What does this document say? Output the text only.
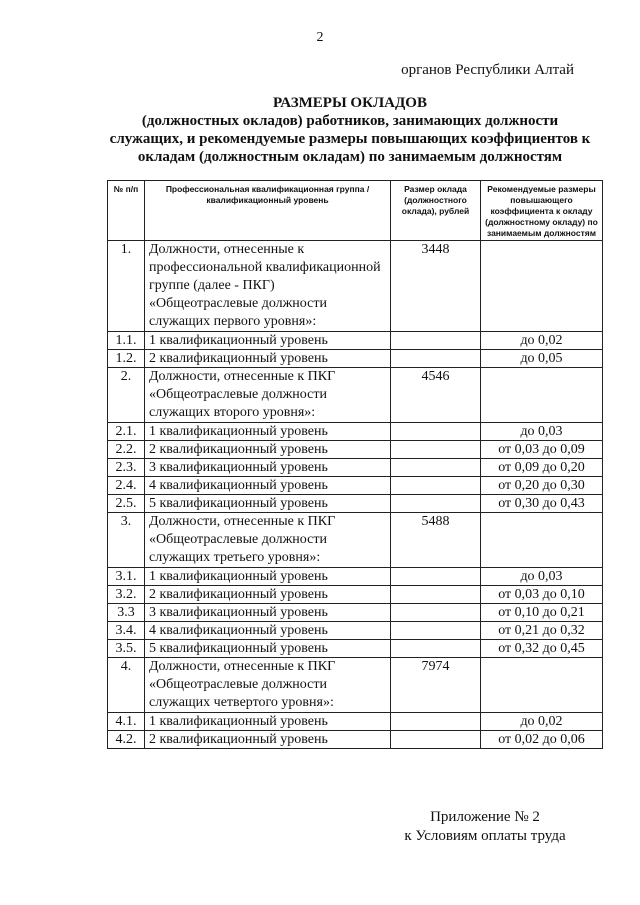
2
органов Республики Алтай
РАЗМЕРЫ ОКЛАДОВ
(должностных окладов) работников, занимающих должности
служащих, и рекомендуемые размеры повышающих коэффициентов к
окладам (должностным окладам) по занимаемым должностям
№ п/п	Профессиональная квалификационная группа / квалификационный уровень	Размер оклада (должностного оклада), рублей	Рекомендуемые размеры повышающего коэффициента к окладу (должностному окладу) по занимаемым должностям
1.	Должности, отнесенные к профессиональной квалификационной группе (далее - ПКГ) «Общеотраслевые должности служащих первого уровня»:	3448	
1.1.	1 квалификационный уровень		до 0,02
1.2.	2 квалификационный уровень		до 0,05
2.	Должности, отнесенные к ПКГ «Общеотраслевые должности служащих второго уровня»:	4546	
2.1.	1 квалификационный уровень		до 0,03
2.2.	2 квалификационный уровень		от 0,03 до 0,09
2.3.	3 квалификационный уровень		от 0,09 до 0,20
2.4.	4 квалификационный уровень		от 0,20 до 0,30
2.5.	5 квалификационный уровень		от 0,30 до 0,43
3.	Должности, отнесенные к ПКГ «Общеотраслевые должности служащих третьего уровня»:	5488	
3.1.	1 квалификационный уровень		до 0,03
3.2.	2 квалификационный уровень		от 0,03 до 0,10
3.3	3 квалификационный уровень		от 0,10 до 0,21
3.4.	4 квалификационный уровень		от 0,21 до 0,32
3.5.	5 квалификационный уровень		от 0,32 до 0,45
4.	Должности, отнесенные к ПКГ «Общеотраслевые должности служащих четвертого уровня»:	7974	
4.1.	1 квалификационный уровень		до 0,02
4.2.	2 квалификационный уровень		от 0,02 до 0,06
Приложение № 2
к Условиям оплаты труда
